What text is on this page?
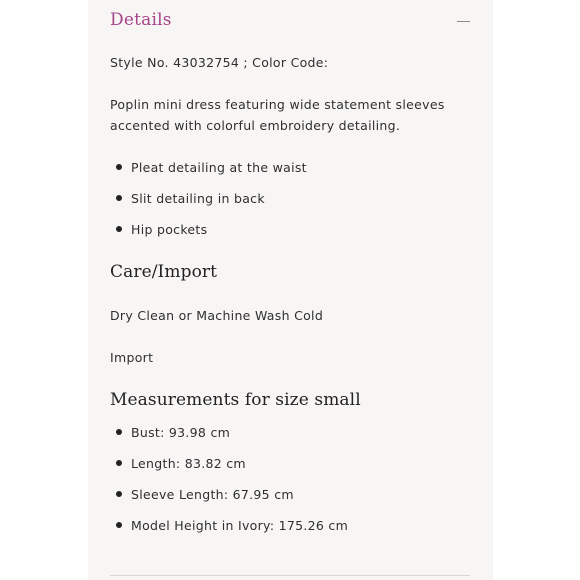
Details
Style No. 43032754 ; Color Code:
Poplin mini dress featuring wide statement sleeves accented with colorful embroidery detailing.
Pleat detailing at the waist
Slit detailing in back
Hip pockets
Care/Import
Dry Clean or Machine Wash Cold
Import
Measurements for size small
Bust: 93.98 cm
Length: 83.82 cm
Sleeve Length: 67.95 cm
Model Height in Ivory: 175.26 cm
